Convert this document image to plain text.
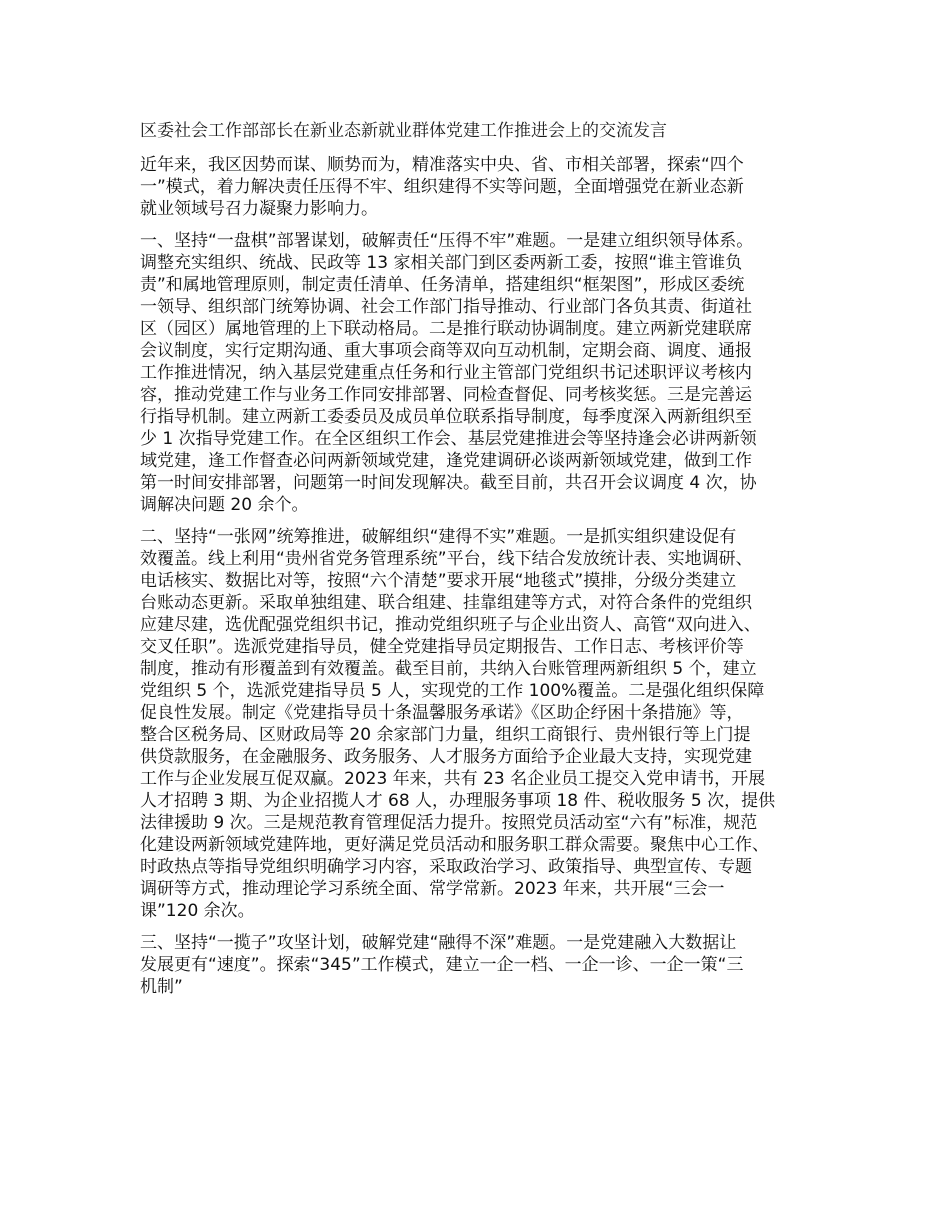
区委社会工作部部长在新业态新就业群体党建工作推进会上的交流发言
近年来，我区因势而谋、顺势而为，精准落实中央、省、市相关部署，探索“四个
一”模式，着力解决责任压得不牢、组织建得不实等问题，全面增强党在新业态新
就业领域号召力凝聚力影响力。
一、坚持“一盘棋”部署谋划，破解责任“压得不牢”难题。一是建立组织领导体系。
调整充实组织、统战、民政等 13 家相关部门到区委两新工委，按照“谁主管谁负
责”和属地管理原则，制定责任清单、任务清单，搭建组织“框架图”，形成区委统
一领导、组织部门统筹协调、社会工作部门指导推动、行业部门各负其责、街道社
区（园区）属地管理的上下联动格局。二是推行联动协调制度。建立两新党建联席
会议制度，实行定期沟通、重大事项会商等双向互动机制，定期会商、调度、通报
工作推进情况，纳入基层党建重点任务和行业主管部门党组织书记述职评议考核内
容，推动党建工作与业务工作同安排部署、同检查督促、同考核奖惩。三是完善运
行指导机制。建立两新工委委员及成员单位联系指导制度，每季度深入两新组织至
少 1 次指导党建工作。在全区组织工作会、基层党建推进会等坚持逢会必讲两新领
域党建，逢工作督查必问两新领域党建，逢党建调研必谈两新领域党建，做到工作
第一时间安排部署，问题第一时间发现解决。截至目前，共召开会议调度 4 次，协
调解决问题 20 余个。
二、坚持“一张网”统筹推进，破解组织“建得不实”难题。一是抓实组织建设促有
效覆盖。线上利用“贵州省党务管理系统”平台，线下结合发放统计表、实地调研、
电话核实、数据比对等，按照“六个清楚”要求开展“地毯式”摸排，分级分类建立
台账动态更新。采取单独组建、联合组建、挂靠组建等方式，对符合条件的党组织
应建尽建，选优配强党组织书记，推动党组织班子与企业出资人、高管“双向进入、
交叉任职”。选派党建指导员，健全党建指导员定期报告、工作日志、考核评价等
制度，推动有形覆盖到有效覆盖。截至目前，共纳入台账管理两新组织 5 个，建立
党组织 5 个，选派党建指导员 5 人，实现党的工作 100%覆盖。二是强化组织保障
促良性发展。制定《党建指导员十条温馨服务承诺》《区助企纾困十条措施》等，
整合区税务局、区财政局等 20 余家部门力量，组织工商银行、贵州银行等上门提
供贷款服务，在金融服务、政务服务、人才服务方面给予企业最大支持，实现党建
工作与企业发展互促双赢。2023 年来，共有 23 名企业员工提交入党申请书，开展
人才招聘 3 期、为企业招揽人才 68 人，办理服务事项 18 件、税收服务 5 次，提供
法律援助 9 次。三是规范教育管理促活力提升。按照党员活动室“六有”标准，规范
化建设两新领域党建阵地，更好满足党员活动和服务职工群众需要。聚焦中心工作、
时政热点等指导党组织明确学习内容，采取政治学习、政策指导、典型宣传、专题
调研等方式，推动理论学习系统全面、常学常新。2023 年来，共开展“三会一
课”120 余次。
三、坚持“一揽子”攻坚计划，破解党建“融得不深”难题。一是党建融入大数据让
发展更有“速度”。探索“345”工作模式，建立一企一档、一企一诊、一企一策“三
机制”
